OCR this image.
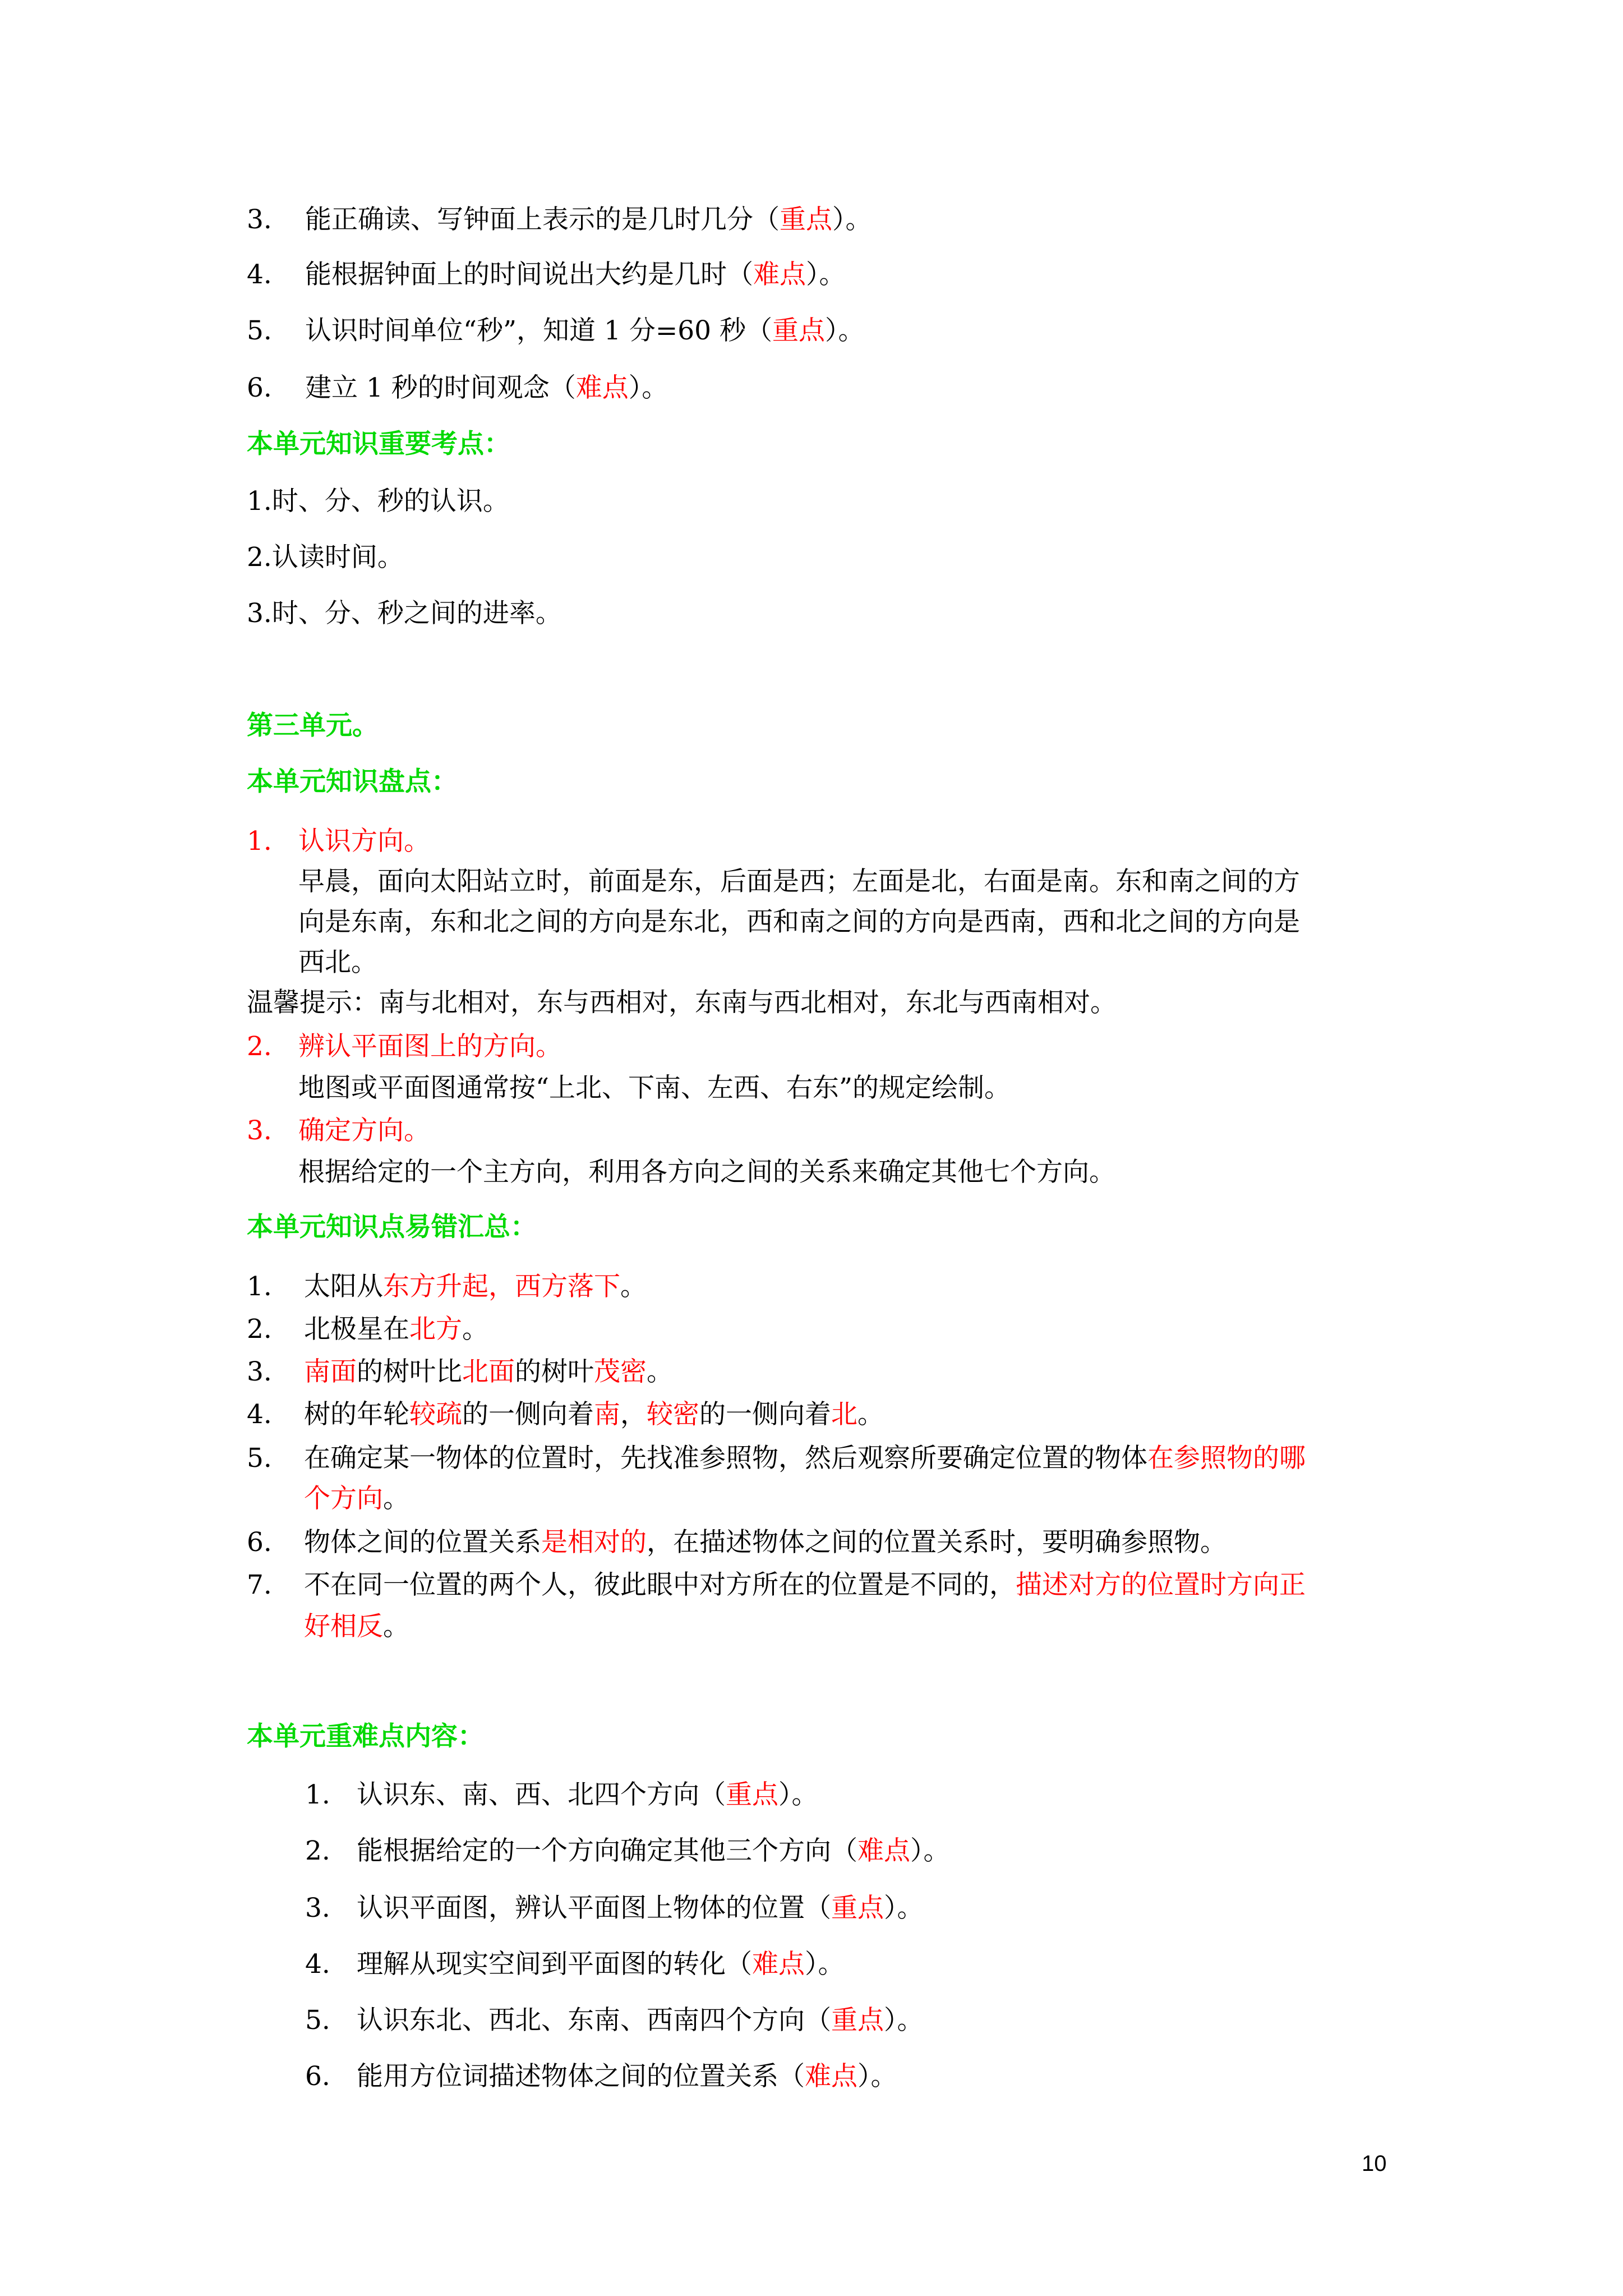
3. 能正确读、写钟面上表示的是几时几分（重点）。
4. 能根据钟面上的时间说出大约是几时（难点）。
5. 认识时间单位“秒”，知道 1 分=60 秒（重点）。
6. 建立 1 秒的时间观念（难点）。
本单元知识重要考点：
1.时、分、秒的认识。
2.认读时间。
3.时、分、秒之间的进率。
第三单元。
本单元知识盘点：
1. 认识方向。
早晨，面向太阳站立时，前面是东，后面是西；左面是北，右面是南。东和南之间的方
向是东南，东和北之间的方向是东北，西和南之间的方向是西南，西和北之间的方向是
西北。
温馨提示：南与北相对，东与西相对，东南与西北相对，东北与西南相对。
2. 辨认平面图上的方向。
地图或平面图通常按“上北、下南、左西、右东”的规定绘制。
3. 确定方向。
根据给定的一个主方向，利用各方向之间的关系来确定其他七个方向。
本单元知识点易错汇总：
1. 太阳从东方升起，西方落下。
2. 北极星在北方。
3. 南面的树叶比北面的树叶茂密。
4. 树的年轮较疏的一侧向着南，较密的一侧向着北。
5. 在确定某一物体的位置时，先找准参照物，然后观察所要确定位置的物体在参照物的哪
个方向。
6. 物体之间的位置关系是相对的，在描述物体之间的位置关系时，要明确参照物。
7. 不在同一位置的两个人，彼此眼中对方所在的位置是不同的，描述对方的位置时方向正
好相反。
本单元重难点内容：
1. 认识东、南、西、北四个方向（重点）。
2. 能根据给定的一个方向确定其他三个方向（难点）。
3. 认识平面图，辨认平面图上物体的位置（重点）。
4. 理解从现实空间到平面图的转化（难点）。
5. 认识东北、西北、东南、西南四个方向（重点）。
6. 能用方位词描述物体之间的位置关系（难点）。
10
